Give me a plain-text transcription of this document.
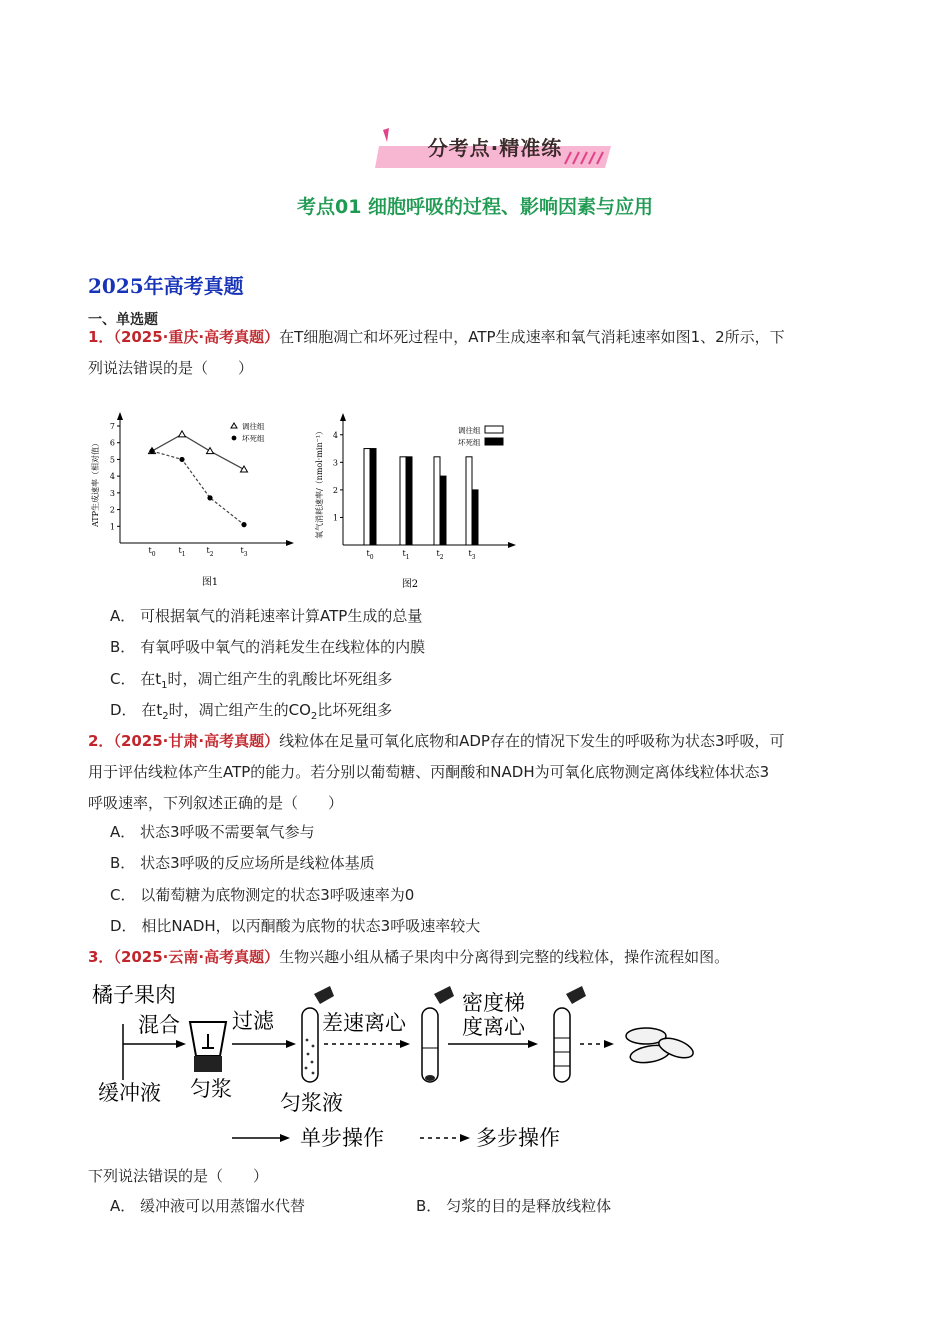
分考点·精准练
考点01 细胞呼吸的过程、影响因素与应用
2025年高考真题
一、单选题
1．（2025·重庆·高考真题）在T细胞凋亡和坏死过程中，ATP生成速率和氧气消耗速率如图1、2所示，下
列说法错误的是（　　）
1
2
3
4
5
6
7
$t_0$	$t_1$	$t_2$	$t_3$
ATP生成速率（相对值）
调往组
坏死组
图1
1
2
3
4
$t_0$	$t_1$	$t_2$	$t_3$
氧气消耗速率/（nmol·min⁻¹）	调往组
坏死组
图2
A． 可根据氧气的消耗速率计算ATP生成的总量
B． 有氧呼吸中氧气的消耗发生在线粒体的内膜
C． 在$t_1$时，凋亡组产生的乳酸比坏死组多
D． 在$t_2$时，凋亡组产生的$CO_2$比坏死组多
2．（2025·甘肃·高考真题）线粒体在足量可氧化底物和ADP存在的情况下发生的呼吸称为状态3呼吸，可
用于评估线粒体产生ATP的能力。若分别以葡萄糖、丙酮酸和NADH为可氧化底物测定离体线粒体状态3
呼吸速率，下列叙述正确的是（　　）
A． 状态3呼吸不需要氧气参与
B． 状态3呼吸的反应场所是线粒体基质
C． 以葡萄糖为底物测定的状态3呼吸速率为0
D． 相比NADH，以丙酮酸为底物的状态3呼吸速率较大
3．（2025·云南·高考真题）生物兴趣小组从橘子果肉中分离得到完整的线粒体，操作流程如图。
橘子果肉
混合
缓冲液 匀浆
过滤
匀浆液
差速离心
密度梯
度离心
单步操作	多步操作
下列说法错误的是（　　）
A． 缓冲液可以用蒸馏水代替	B． 匀浆的目的是释放线粒体
